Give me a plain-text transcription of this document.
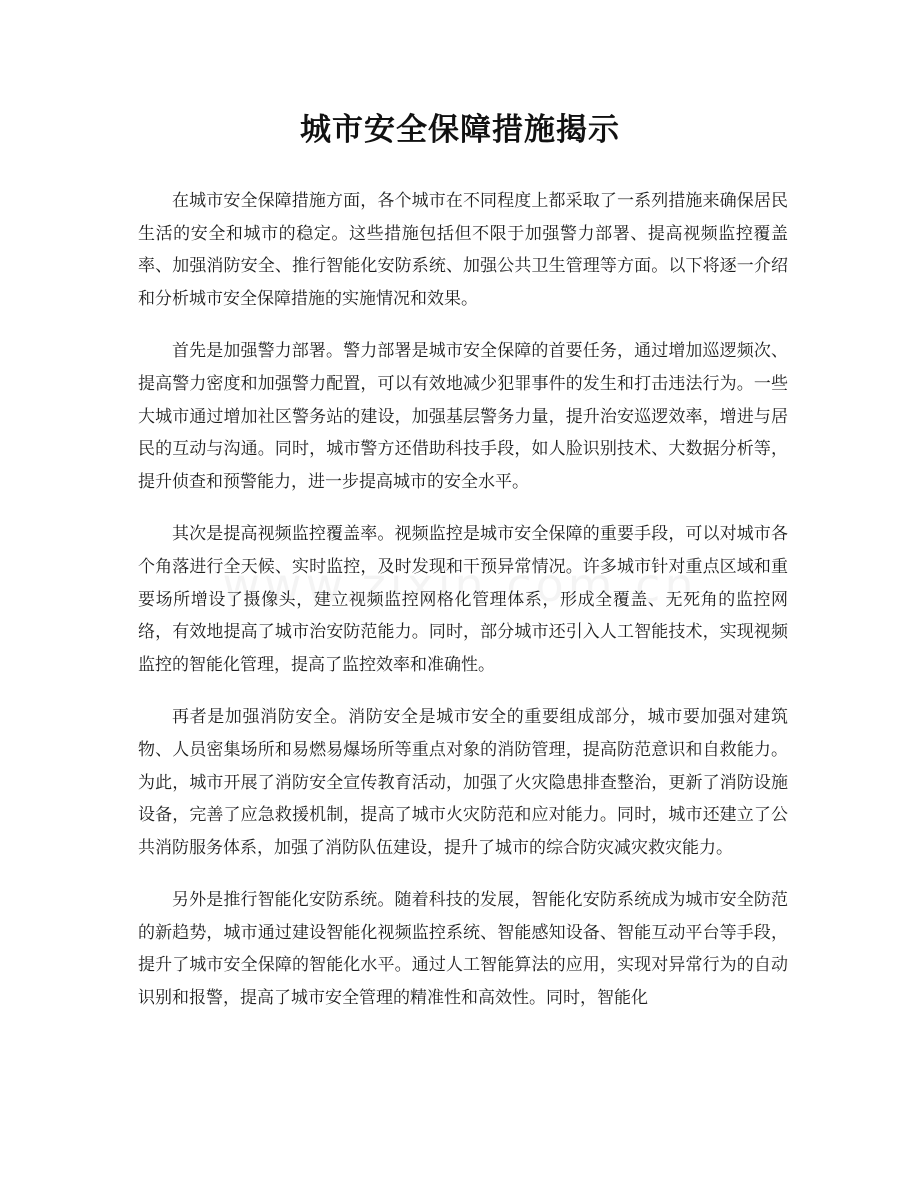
城市安全保障措施揭示

在城市安全保障措施方面，各个城市在不同程度上都采取了一系列措施来确保居民生活的安全和城市的稳定。这些措施包括但不限于加强警力部署、提高视频监控覆盖率、加强消防安全、推行智能化安防系统、加强公共卫生管理等方面。以下将逐一介绍和分析城市安全保障措施的实施情况和效果。

首先是加强警力部署。警力部署是城市安全保障的首要任务，通过增加巡逻频次、提高警力密度和加强警力配置，可以有效地减少犯罪事件的发生和打击违法行为。一些大城市通过增加社区警务站的建设，加强基层警务力量，提升治安巡逻效率，增进与居民的互动与沟通。同时，城市警方还借助科技手段，如人脸识别技术、大数据分析等，提升侦查和预警能力，进一步提高城市的安全水平。

其次是提高视频监控覆盖率。视频监控是城市安全保障的重要手段，可以对城市各个角落进行全天候、实时监控，及时发现和干预异常情况。许多城市针对重点区域和重要场所增设了摄像头，建立视频监控网格化管理体系，形成全覆盖、无死角的监控网络，有效地提高了城市治安防范能力。同时，部分城市还引入人工智能技术，实现视频监控的智能化管理，提高了监控效率和准确性。

再者是加强消防安全。消防安全是城市安全的重要组成部分，城市要加强对建筑物、人员密集场所和易燃易爆场所等重点对象的消防管理，提高防范意识和自救能力。为此，城市开展了消防安全宣传教育活动，加强了火灾隐患排查整治，更新了消防设施设备，完善了应急救援机制，提高了城市火灾防范和应对能力。同时，城市还建立了公共消防服务体系，加强了消防队伍建设，提升了城市的综合防灾减灾救灾能力。

另外是推行智能化安防系统。随着科技的发展，智能化安防系统成为城市安全防范的新趋势，城市通过建设智能化视频监控系统、智能感知设备、智能互动平台等手段，提升了城市安全保障的智能化水平。通过人工智能算法的应用，实现对异常行为的自动识别和报警，提高了城市安全管理的精准性和高效性。同时，智能化
